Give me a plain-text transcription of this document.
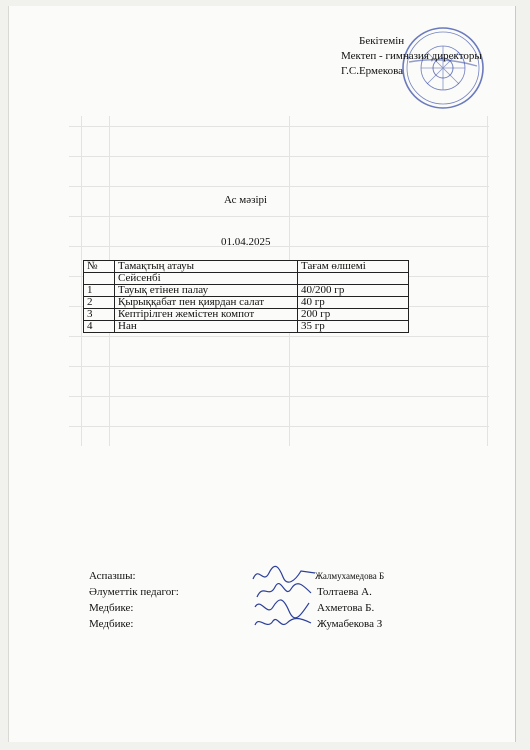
Бекітемін
Мектеп - гимназия директоры
Г.С.Ермекова
Ас мәзірі
01.04.2025
№	Тамақтың атауы	Тағам өлшемі
	Сейсенбі	
1	Тауық етінен палау	40/200 гр
2	Қырыққабат пен қиярдан салат	40 гр
3	Кептірілген жемістен компот	200 гр
4	Нан	35 гр
Аспазшы:	Жалмухамедова Б
Әлуметтік педагог:	Толтаева А.
Медбике:	Ахметова Б.
Медбике:	Жумабекова З
